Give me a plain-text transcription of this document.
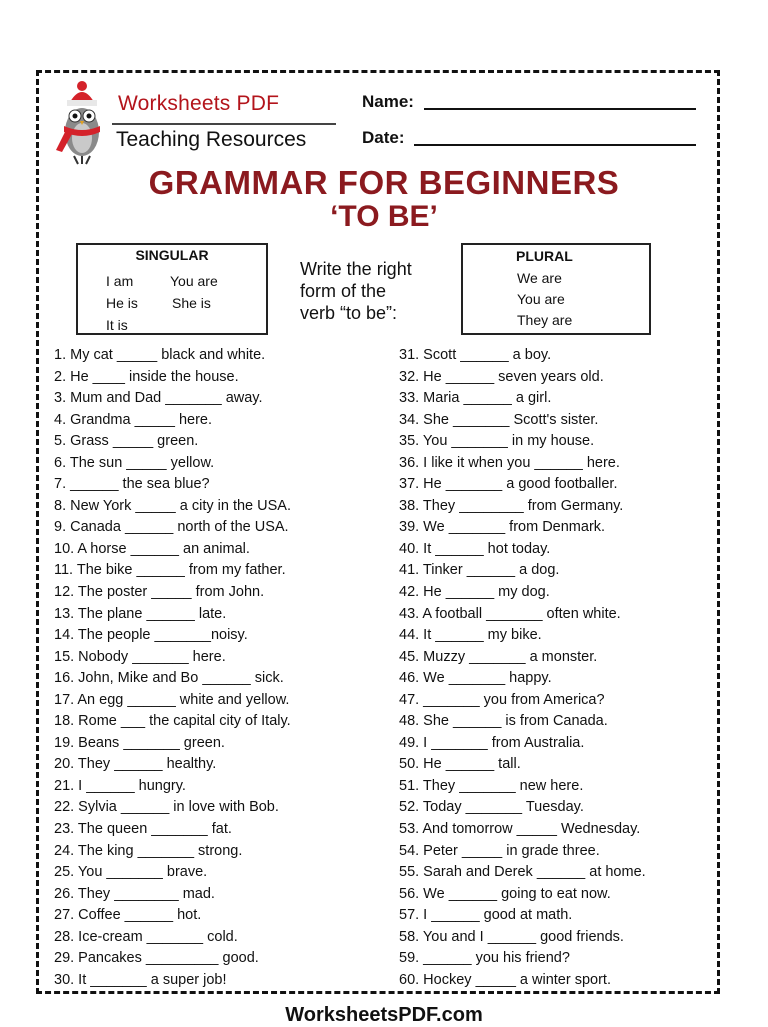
Worksheets PDF
Teaching Resources
Name:
Date:
GRAMMAR FOR BEGINNERS
‘TO BE’
SINGULAR
I am	You are
He is She is
It is
Write the right
form of the
verb “to be”:
PLURAL
We are
You are
They are
1. My cat _____ black and white.
2. He ____ inside the house.
3. Mum and Dad _______ away.
4. Grandma _____ here.
5. Grass _____ green.
6. The sun _____ yellow.
7. ______ the sea blue?
8. New York _____ a city in the USA.
9. Canada ______ north of the USA.
10. A horse ______ an animal.
11. The bike ______ from my father.
12. The poster _____ from John.
13. The plane ______ late.
14. The people _______noisy.
15. Nobody _______ here.
16. John, Mike and Bo ______ sick.
17. An egg ______ white and yellow.
18. Rome ___ the capital city of Italy.
19. Beans _______ green.
20. They ______ healthy.
21. I ______ hungry.
22. Sylvia ______ in love with Bob.
23. The queen _______ fat.
24. The king _______ strong.
25. You _______ brave.
26. They ________ mad.
27. Coffee ______ hot.
28. Ice-cream _______ cold.
29. Pancakes _________ good.
30. It _______ a super job!
31. Scott ______ a boy.
32. He ______ seven years old.
33. Maria ______ a girl.
34. She _______ Scott's sister.
35. You _______ in my house.
36. I like it when you ______ here.
37. He _______ a good footballer.
38. They ________ from Germany.
39. We _______ from Denmark.
40. It ______ hot today.
41. Tinker ______ a dog.
42. He ______ my dog.
43. A football _______ often white.
44. It ______ my bike.
45. Muzzy _______ a monster.
46. We _______ happy.
47. _______ you from America?
48. She ______ is from Canada.
49. I _______ from Australia.
50. He ______ tall.
51. They _______ new here.
52. Today _______ Tuesday.
53. And tomorrow _____ Wednesday.
54. Peter _____ in grade three.
55. Sarah and Derek ______ at home.
56. We ______ going to eat now.
57. I ______ good at math.
58. You and I ______ good friends.
59. ______ you his friend?
60. Hockey _____ a winter sport.
WorksheetsPDF.com
